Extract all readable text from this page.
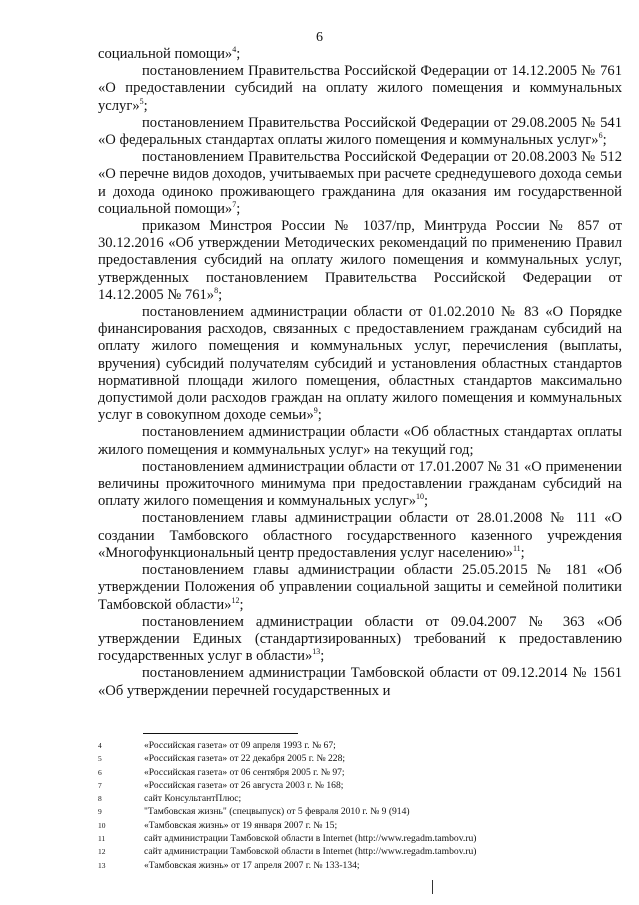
6

социальной помощи»$^4$;

постановлением Правительства Российской Федерации от 14.12.2005 № 761 «О предоставлении субсидий на оплату жилого помещения и коммунальных услуг»$^5$;

постановлением Правительства Российской Федерации от 29.08.2005 № 541 «О федеральных стандартах оплаты жилого помещения и коммунальных услуг»$^6$;

постановлением Правительства Российской Федерации от 20.08.2003 № 512 «О перечне видов доходов, учитываемых при расчете среднедушевого дохода семьи и дохода одиноко проживающего гражданина для оказания им государственной социальной помощи»$^7$;

приказом Минстроя России № 1037/пр, Минтруда России № 857 от 30.12.2016 «Об утверждении Методических рекомендаций по применению Правил предоставления субсидий на оплату жилого помещения и коммунальных услуг, утвержденных постановлением Правительства Российской Федерации от 14.12.2005 № 761»$^8$;

постановлением администрации области от 01.02.2010 № 83 «О Порядке финансирования расходов, связанных с предоставлением гражданам субсидий на оплату жилого помещения и коммунальных услуг, перечисления (выплаты, вручения) субсидий получателям субсидий и установления областных стандартов нормативной площади жилого помещения, областных стандартов максимально допустимой доли расходов граждан на оплату жилого помещения и коммунальных услуг в совокупном доходе семьи»$^9$;

постановлением администрации области «Об областных стандартах оплаты жилого помещения и коммунальных услуг» на текущий год;

постановлением администрации области от 17.01.2007 № 31 «О применении величины прожиточного минимума при предоставлении гражданам субсидий на оплату жилого помещения и коммунальных услуг»$^{10}$;

постановлением главы администрации области от 28.01.2008 № 111 «О создании Тамбовского областного государственного казенного учреждения «Многофункциональный центр предоставления услуг населению»$^{11}$;

постановлением главы администрации области 25.05.2015 № 181 «Об утверждении Положения об управлении социальной защиты и семейной политики Тамбовской области»$^{12}$;

постановлением администрации области от 09.04.2007 № 363 «Об утверждении Единых (стандартизированных) требований к предоставлению государственных услуг в области»$^{13}$;

постановлением администрации Тамбовской области от 09.12.2014 № 1561 «Об утверждении перечней государственных и

4	«Российская газета» от 09 апреля 1993 г. № 67;
5	«Российская газета» от 22 декабря 2005 г. № 228;
6	«Российская газета» от 06 сентября 2005 г. № 97;
7	«Российская газета» от 26 августа 2003 г. № 168;
8	сайт КонсультантПлюс;
9	"Тамбовская жизнь" (спецвыпуск) от 5 февраля 2010 г. № 9 (914)
10	«Тамбовская жизнь» от 19 января 2007 г. № 15;
11	сайт администрации Тамбовской области в Internet (http://www.regadm.tambov.ru)
12	сайт администрации Тамбовской области в Internet (http://www.regadm.tambov.ru)
13	«Тамбовская жизнь» от 17 апреля 2007 г. № 133-134;
